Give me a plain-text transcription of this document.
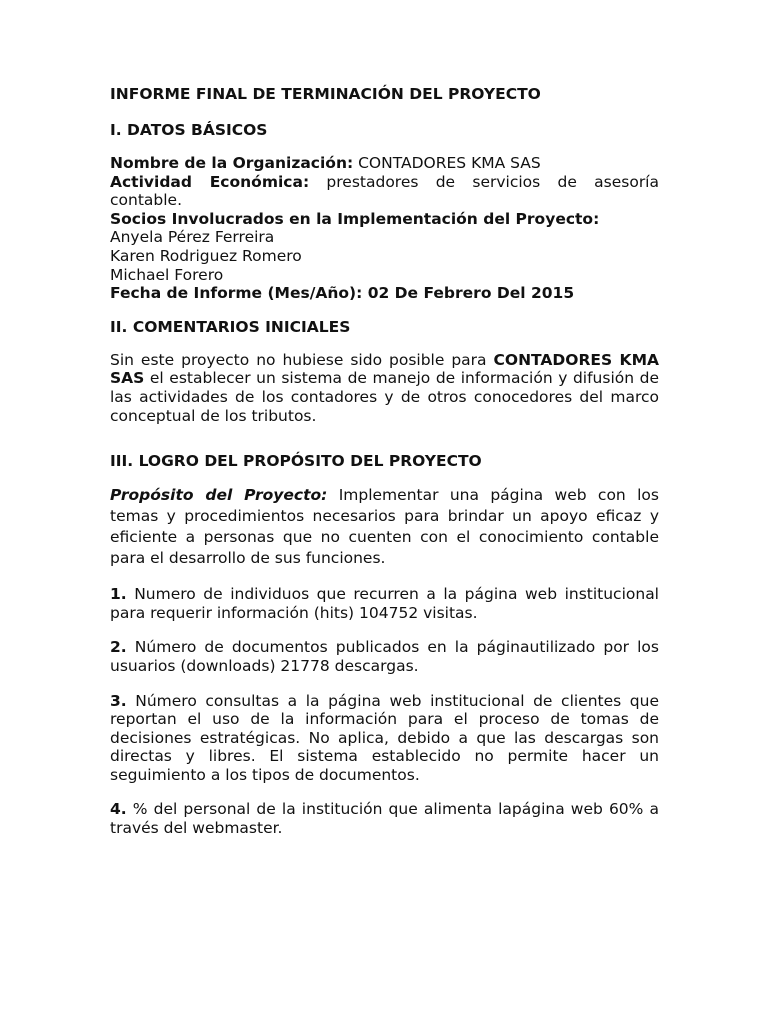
INFORME FINAL DE TERMINACIÓN DEL PROYECTO

I. DATOS BÁSICOS

Nombre de la Organización: CONTADORES KMA SAS

Actividad Económica: prestadores de servicios de asesoría contable.

Socios Involucrados en la Implementación del Proyecto:

Anyela Pérez Ferreira

Karen Rodriguez Romero

Michael Forero

Fecha de Informe (Mes/Año): 02 De Febrero Del 2015

II. COMENTARIOS INICIALES

Sin este proyecto no hubiese sido posible para CONTADORES KMA SAS el establecer un sistema de manejo de información y difusión de las actividades de los contadores y de otros conocedores del marco conceptual de los tributos.

III. LOGRO DEL PROPÓSITO DEL PROYECTO

Propósito del Proyecto: Implementar una página web con los temas y procedimientos necesarios para brindar un apoyo eficaz y eficiente a personas que no cuenten con el conocimiento contable para el desarrollo de sus funciones.

1. Numero de individuos que recurren a la página web institucional para requerir información (hits) 104752 visitas.

2. Número de documentos publicados en la páginautilizado por los usuarios (downloads) 21778 descargas.

3. Número consultas a la página web institucional de clientes que reportan el uso de la información para el proceso de tomas de decisiones estratégicas. No aplica, debido a que las descargas son directas y libres. El sistema establecido no permite hacer un seguimiento a los tipos de documentos.

4. % del personal de la institución que alimenta lapágina web 60% a través del webmaster.
